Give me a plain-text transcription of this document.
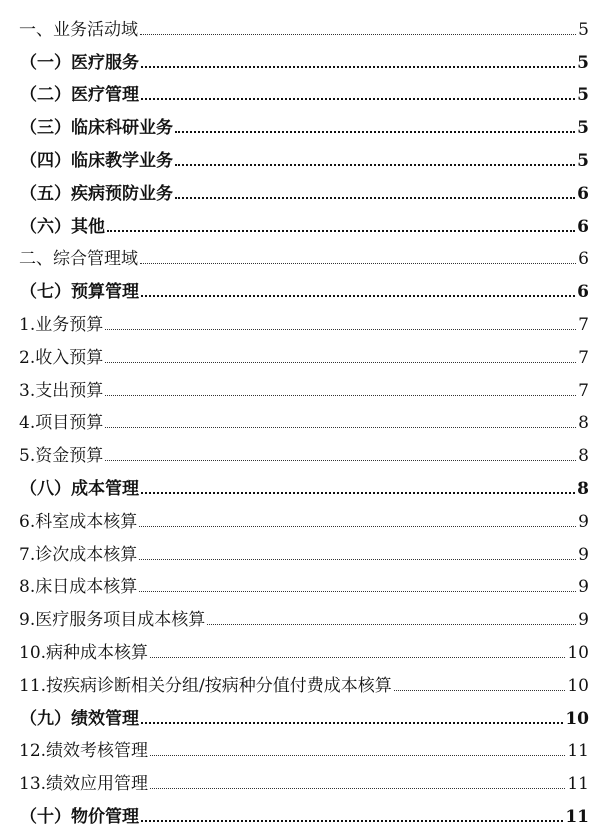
一、业务活动域	5
（一）医疗服务	5
（二）医疗管理	5
（三）临床科研业务	5
（四）临床教学业务	5
（五）疾病预防业务	6
（六）其他	6
二、综合管理域	6
（七）预算管理	6
1.业务预算	7
2.收入预算	7
3.支出预算	7
4.项目预算	8
5.资金预算	8
（八）成本管理	8
6.科室成本核算	9
7.诊次成本核算	9
8.床日成本核算	9
9.医疗服务项目成本核算	9
10.病种成本核算	10
11.按疾病诊断相关分组/按病种分值付费成本核算	10
（九）绩效管理	10
12.绩效考核管理	11
13.绩效应用管理	11
（十）物价管理	11
